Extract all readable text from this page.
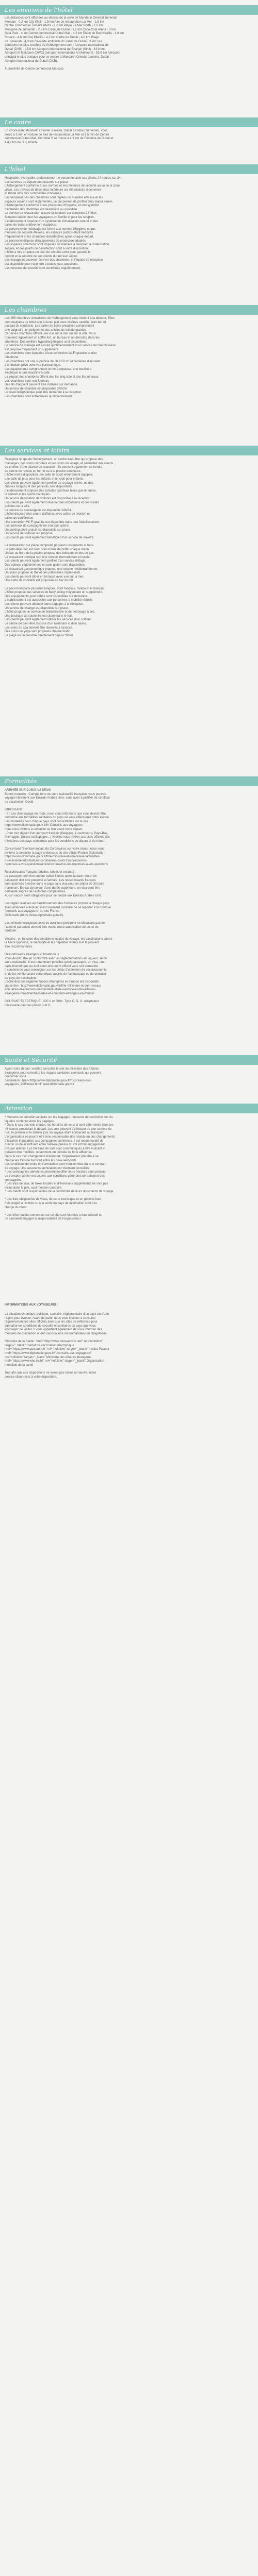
Les environs de l'hôtel

Les distances sont affichées au-dessus de la carte de Mandarin Oriental Jumeirah.
Mercato - 0,2 km City Walk - 1,5 km Aire de restauration La Mer - 1,8 km
Centre commercial Jumeira Plaza - 1,8 km Plage La Mer North - 1,6 km
Mosquée de Jumeirah - 2,2 km Canal de Dubaï - 3,2 km Coca-Cola Arena - 3 km
Safa Park - 4 km Centre commercial Dubaï Mall - 4,3 km Place du Burj Khalifa - 4,8 km
Square - 4,6 km Burj Khalifa - 4,2 km Cadre de Dubaï - 4,8 km Plage
de Jumeirah - 4,8 km Cascade artificielle du canal de Dubaï - 3 km Les
aéroports les plus proches de l'hébergement sont : Aéroport international de
Dubaï (DXB) - 13,9 km Aéroport international de Sharjah (SHJ) - 43,9 km
Aéroport Al-Maktoum (DWC) (aéroport international Al Maktoum) - 53,9 km Aéroport
principal le plus pratique pour se rendre à Mandarin Oriental Jumeira, Dubaï :
Aéroport international de Dubaï (DXB).

À proximité de Centre commercial Mercato.

Le cadre

En choisissant Mandarin Oriental Jumeira, Dubaï à Dubaï (Jumeirah), vous
serez à 3 min en voiture de Aire de restauration La Mer et à 5 min de Centre
commercial Dubaï Mall. Cet hôtel 5 se trouve à 4,9 km de Fontaine de Dubaï et
à 4,9 km de Burj Khalifa.

L'hôtel

Hospitalier, incroyable, professionnel : le personnel aide ses clients 24 heures sur 24.
Les services de départ sont assurés sur place.
L'hébergement conforme à ses normes et ses mesures de sécurité au vu de la crise
virale. Les travaux de décoration intérieure ont été réalisés récemment
et l'hôtel offre des commodités modernes.
Les températures des chambres sont réglées de manière efficace et les
espaces ouverts sont réglementés, ce qui permet de profiter d'un séjour serein.
L'hébergement conforme à ses protocoles d'hygiène, et son système
d'entretien des chambres est désinfecté au quotidien.
Le service de restauration assure la livraison sur demande à l'hôtel.
Situation idéale pour les voyageurs en famille et pour les couples.
L'établissement dispose d'un système de climatisation central et des
salles de bains entièrement équipées.
Le personnel de nettoyage est formé aux normes d'hygiène et aux
mesures de sécurité élevées, les espaces publics étant nettoyés
fréquemment et les chambres désinfectées après chaque départ.
Le personnel dispose d'équipements de protection adaptés.
Les espaces communs sont disposés de manière à favoriser la distanciation
sociale, et des points de désinfection sont à votre disposition.
L'hôtel a mis en place un plan de sécurité strict pour garantir le
confort et la sécurité de ses clients durant leur séjour.
Les voyageurs peuvent réserver des chambres, et l'équipe de réception
est disponible pour répondre à toutes leurs questions.
Les mesures de sécurité sont contrôlées régulièrement.

Les chambres

Les 256 chambres climatisées de l'hébergement vous invitent à la détente. Elles
sont équipées de télévision à écran plat avec chaînes satellite, mini-bar et
plateau de courtoisie. Les salles de bains privatives comprennent
une baignoire, un peignoir et des articles de toilette gratuits.
Certaines chambres offrent une vue sur la mer ou sur la ville. Vous
trouverez également un coffre-fort, un bureau et un dressing dans les
chambres. Des oreillers hypoallergéniques sont disponibles.
Le service de ménage est assuré quotidiennement et un service de blanchisserie
est proposé moyennant un supplément.
Les chambres sont équipées d'une connexion Wi-Fi gratuite et d'un
téléphone.
Les chambres ont une superficie de 30 à 50 m² et certaines disposent
d'un balcon privé avec vue panoramique.
Les équipements comprennent un fer à repasser, une bouilloire
électrique et une machine à café.
La plupart des chambres offrent des lits king size et des lits jumeaux.
Les chambres sont non-fumeurs.
Des lits d'appoint peuvent être installés sur demande.
Un service de chambre est disponible 24h/24.
Le réveil téléphonique peut être demandé à la réception.
Les chambres sont entretenues quotidiennement.

Les services et loisirs

Rejoignez le spa de l'hébergement, un centre bien-être qui propose des
massages, des soins corporels et des soins du visage, et permettez aux clients
de profiter d'une séance de relaxation. Ils peuvent également se rendre
au centre de remise en forme ou à la piscine extérieure.
L'hôtel met à disposition une salle de sport entièrement équipée,
une salle de jeux pour les enfants et un club pour enfants.
Les clients peuvent également profiter de la plage privée, où des
chaises longues et des parasols sont disponibles.
L'établissement propose des activités sportives telles que le tennis,
le squash et les sports nautiques.
Un service de location de voitures est disponible à la réception.
Les clients peuvent également réserver des excursions et des visites
guidées de la ville.
Le service de conciergerie est disponible 24h/24.
L'hôtel dispose d'un centre d'affaires avec salles de réunion et
salles de conférence.
Une connexion Wi-Fi gratuite est disponible dans tout l'établissement.
Les animaux de compagnie ne sont pas admis.
Un parking privé gratuit est disponible sur place.
Un service de voiturier est proposé.
Les clients peuvent également bénéficier d'un service de navette.

La restauration sur place comprend plusieurs restaurants et bars.
Le petit-déjeuner est servi sous forme de buffet chaque matin.
Un bar au bord de la piscine propose des boissons et des en-cas.
Le restaurant principal sert une cuisine internationale et locale.
Les clients peuvent également profiter d'un service d'étage.
Des options végétariennes et sans gluten sont disponibles.
Le restaurant gastronomique propose une cuisine méditerranéenne.
Un salon propose du thé et des pâtisseries l'après-midi.
Les clients peuvent dîner en terrasse avec vue sur la mer.
Une carte de cocktails est proposée au bar du toit.

Le personnel parle plusieurs langues, dont l'anglais, l'arabe et le français.
L'hôtel propose des services de baby-sitting moyennant un supplément.
Des équipements pour bébés sont disponibles sur demande.
L'établissement est accessible aux personnes à mobilité réduite.
Les clients peuvent déposer leurs bagages à la réception.
Un service de change est disponible sur place.
L'hôtel propose un service de blanchisserie et de nettoyage à sec.
Une boutique de souvenirs est située dans le hall.
Les clients peuvent également utiliser les services d'un coiffeur.
Le centre de bien-être dispose d'un hammam et d'un sauna.
Les soins du spa doivent être réservés à l'avance.
Des cours de yoga sont proposés chaque matin.
La plage est accessible directement depuis l'hôtel.

Formalités

ARRIVÉE SUR DUBAÏ AU BÉNIN
Bonne nouvelle : Compte tenu de votre nationalité française, vous pouvez
voyager librement aux Émirats Arabes Unis, sans avoir à justifier de certificat
de vaccination Covid.

IMPORTANT :
- En cas d'un voyage en route, nous vous informons que vous devrez être
conforme aux formalités sanitaires du pays où vous effectuerez votre escale.
Les modalités pour chaque pays sont consultables sur le site
https://www.diplomatie.gouv.fr/fr/ Conseils aux voyageurs
nous vous invitons à consulter ce lien avant votre départ.
- Pour tout départ d'un aéroport français (Belgique, Luxembourg, Pays-Bas,
Allemagne, Suisse ou Espagne...) veuillez vous référer aux sites officiels des
ministères des pays concernés pour les conditions de départ et de retour.

Concernant l'éventuel impact du Coronavirus sur votre séjour, nous vous
invitons à consulter la page ci-dessous du site officiel France Diplomatie :
https://www.diplomatie.gouv.fr/fr/le-ministere-et-son-reseau/actualites-
du-ministere/informations-coronavirus-covid-19/coronavirus-
reponses-a-vos-questions/article/coronavirus-les-reponses-a-vos-questions

Ressortissants français (adultes, bébés et enfants) :
Le passeport doit être encore valide 6 mois après la date retour. Un
passeport doit être présenté à l'arrivée. Les ressortissants français
sont autorisés à entrer dans le pays sans visa pour un séjour de 30 jours
maximum. En cas de séjour d'une durée supérieure, un visa peut être
demandé auprès des autorités compétentes.
Aucun vaccin n'est obligatoire pour se rendre aux Émirats Arabes Unis.

Les règles relatives au franchissement des frontières propres à chaque pays
étant amenées à évoluer, il est vivement conseillé de se reporter à la rubrique
"conseils aux voyageurs" du site France
Diplomatie (https://www.diplomatie.gouv.fr).

Les mineurs voyageant seuls ou avec une personne ne disposant pas de
l'autorité parentale doivent être munis d'une autorisation de sortie de
territoire.

Vaccins : en fonction des conditions locales du voyage, les vaccinations contre
la fièvre typhoïde, la méningite et les hépatites virales A et B peuvent
être recommandées.

Ressortissants étrangers et binationaux :
Vous devrez être en conformité avec les réglementations en vigueur, selon
votre nationalité. Il est notamment possible qu'un passeport, un visa, une
carte biométrique ou tout autre document officiel vous soit demandé.
Il convient de vous renseigner sur les délais d'obtention de ces documents
et de les vérifier avant votre départ auprès de l'ambassade ou du consulat
du pays de destination.
L'obtention des réglementations étrangères en France est disponible
via ce lien : http://www.diplomatie.gouv.fr/fr/le-ministere-et-son-reseau/
annuaires-et-adresses-du-ministere-et-de-l-europe-et-des-affaires-
etrangeres-maedi/ambassades-et-consulats-etrangers-en-france/

COURANT ÉLECTRIQUE : 220 V et 50Hz. Type C, D, G. Adaptateur
nécessaire pour les prises D et G.

Santé et Sécurité

Avant votre départ, veuillez consulter le site du ministère des Affaires
étrangères pour connaître les risques sanitaires éventuels qui peuvent
concerner votre
destination : href="http://www.diplomatie.gouv.fr/fr/conseils-aux-
voyageurs_909/index.html" www.diplomatie.gouv.fr

Attention

* Mesures de sécurité sanitaire sur les bagages : mesures de restriction sur les
liquides contenus dans les bagages
* Dans le cas des vols charter, les horaires de vous ci-sont déterminés dans les
48 heures précédant le départ. Les vols peuvent s'effectuer de jour comme de
nuit, le premier et le dernier jour du voyage étant consacrés au transport.
L'organisateur ne pourra être tenu responsable des retards ou des changements
d'horaires imputables aux compagnies aériennes. Il est recommandé de
prévoir un délai suffisant entre l'arrivée prévue du vol et tout engagement
pris par ailleurs. Les horaires de vols sont communiqués à titre indicatif et
peuvent être modifiés, notamment en période de forte affluence.
Dans le cas d'un changement d'aéroport, l'organisateur prendra à sa
charge les frais de transfert entre les deux aéroports.
Les conditions de vente et d'annulation sont mentionnées dans le contrat
de voyage. Une assurance annulation est vivement conseillée.
* Les compagnies aériennes peuvent modifier leurs horaires sans préavis.
Le transport aérien est soumis aux conditions générales de transport des
compagnies.
* Les frais de visa, de taxes locales et d'éventuels suppléments ne sont pas
inclus dans le prix, sauf mention contraire.
* Les clients sont responsables de la conformité de leurs documents de voyage.

* Les frais obligatoires de visas, de carte touristique et en général tous
frais exigés à l'entrée ou à la sortie du pays de destination sont à la
charge du client.

* Les informations contenues sur ce site sont fournies à titre indicatif et
ne sauraient engager la responsabilité de l'organisateur.

INFORMATIONS AUX VOYAGEURS :

La situation chronique, politique, sanitaire, réglementaire d'un pays ou d'une
région peut évoluer. Avant de partir, nous vous invitons à consulter
régulièrement les sites officiels ainsi que les sites de référence pour
connaître les conditions de sécurité et sanitaires du pays que vous
envisagez de visiter. Il vous appartient également de vous informer des
mesures de précaution et des vaccinations recommandées ou obligatoires.

Ministère de la Santé : href="http://www.mesvaccins.net/" rel="nofollow"
target="_blank" Carnet de vaccination électronique
href="https://www.pasteur.fr/fr" rel="nofollow" target="_blank" Institut Pasteur
href="https://www.diplomatie.gouv.fr/fr/conseils-aux-voyageurs/"
rel="nofollow" target="_blank" Ministère des Affaires étrangères
href="https://www.who.int/fr/" rel="nofollow" target="_blank" Organisation
mondiale de la santé

Tout afin que ces dispositions ne soient pas mises en œuvre, notre
service client reste à votre disposition.
